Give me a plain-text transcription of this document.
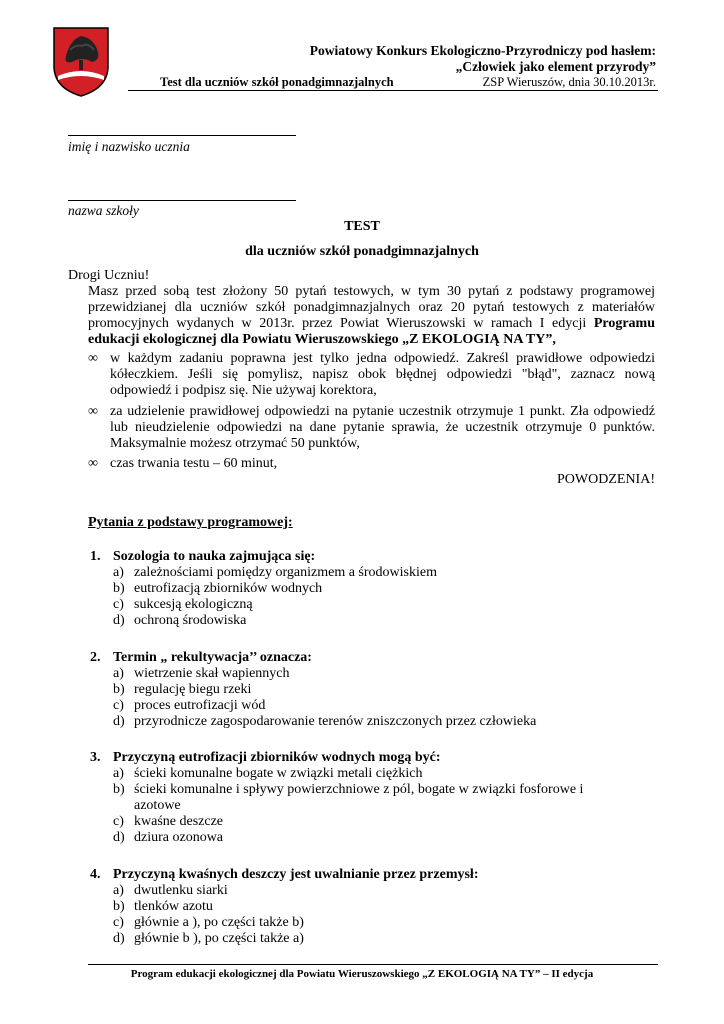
Powiatowy Konkurs Ekologiczno-Przyrodniczy pod hasłem:
„Człowiek jako element przyrody”
Test dla uczniów szkół ponadgimnazjalnych	ZSP Wieruszów, dnia 30.10.2013r.
imię i nazwisko ucznia
nazwa szkoły
TEST
dla uczniów szkół ponadgimnazjalnych
Drogi Uczniu!
Masz przed sobą test złożony 50 pytań testowych, w tym 30 pytań z podstawy programowej przewidzianej dla uczniów szkół ponadgimnazjalnych oraz 20 pytań testowych z materiałów promocyjnych wydanych w 2013r. przez Powiat Wieruszowski w ramach I edycji Programu edukacji ekologicznej dla Powiatu Wieruszowskiego „Z EKOLOGIĄ NA TY”,
∞ w każdym zadaniu poprawna jest tylko jedna odpowiedź. Zakreśl prawidłowe odpowiedzi kółeczkiem. Jeśli się pomylisz, napisz obok błędnej odpowiedzi "błąd", zaznacz nową odpowiedź i podpisz się. Nie używaj korektora,
∞ za udzielenie prawidłowej odpowiedzi na pytanie uczestnik otrzymuje 1 punkt. Zła odpowiedź lub nieudzielenie odpowiedzi na dane pytanie sprawia, że uczestnik otrzymuje 0 punktów. Maksymalnie możesz otrzymać 50 punktów,
∞ czas trwania testu – 60 minut,
POWODZENIA!
Pytania z podstawy programowej:
1. Sozologia to nauka zajmująca się:
a) zależnościami pomiędzy organizmem a środowiskiem
b) eutrofizacją zbiorników wodnych
c) sukcesją ekologiczną
d) ochroną środowiska
2. Termin „ rekultywacja’’ oznacza:
a) wietrzenie skał wapiennych
b) regulację biegu rzeki
c) proces eutrofizacji wód
d) przyrodnicze zagospodarowanie terenów zniszczonych przez człowieka
3. Przyczyną eutrofizacji zbiorników wodnych mogą być:
a) ścieki komunalne bogate w związki metali ciężkich
b) ścieki komunalne i spływy powierzchniowe z pól, bogate w związki fosforowe i azotowe
c) kwaśne deszcze
d) dziura ozonowa
4. Przyczyną kwaśnych deszczy jest uwalnianie przez przemysł:
a) dwutlenku siarki
b) tlenków azotu
c) głównie a ), po części także b)
d) głównie b ), po części także a)
Program edukacji ekologicznej dla Powiatu Wieruszowskiego „Z EKOLOGIĄ NA TY” – II edycja
